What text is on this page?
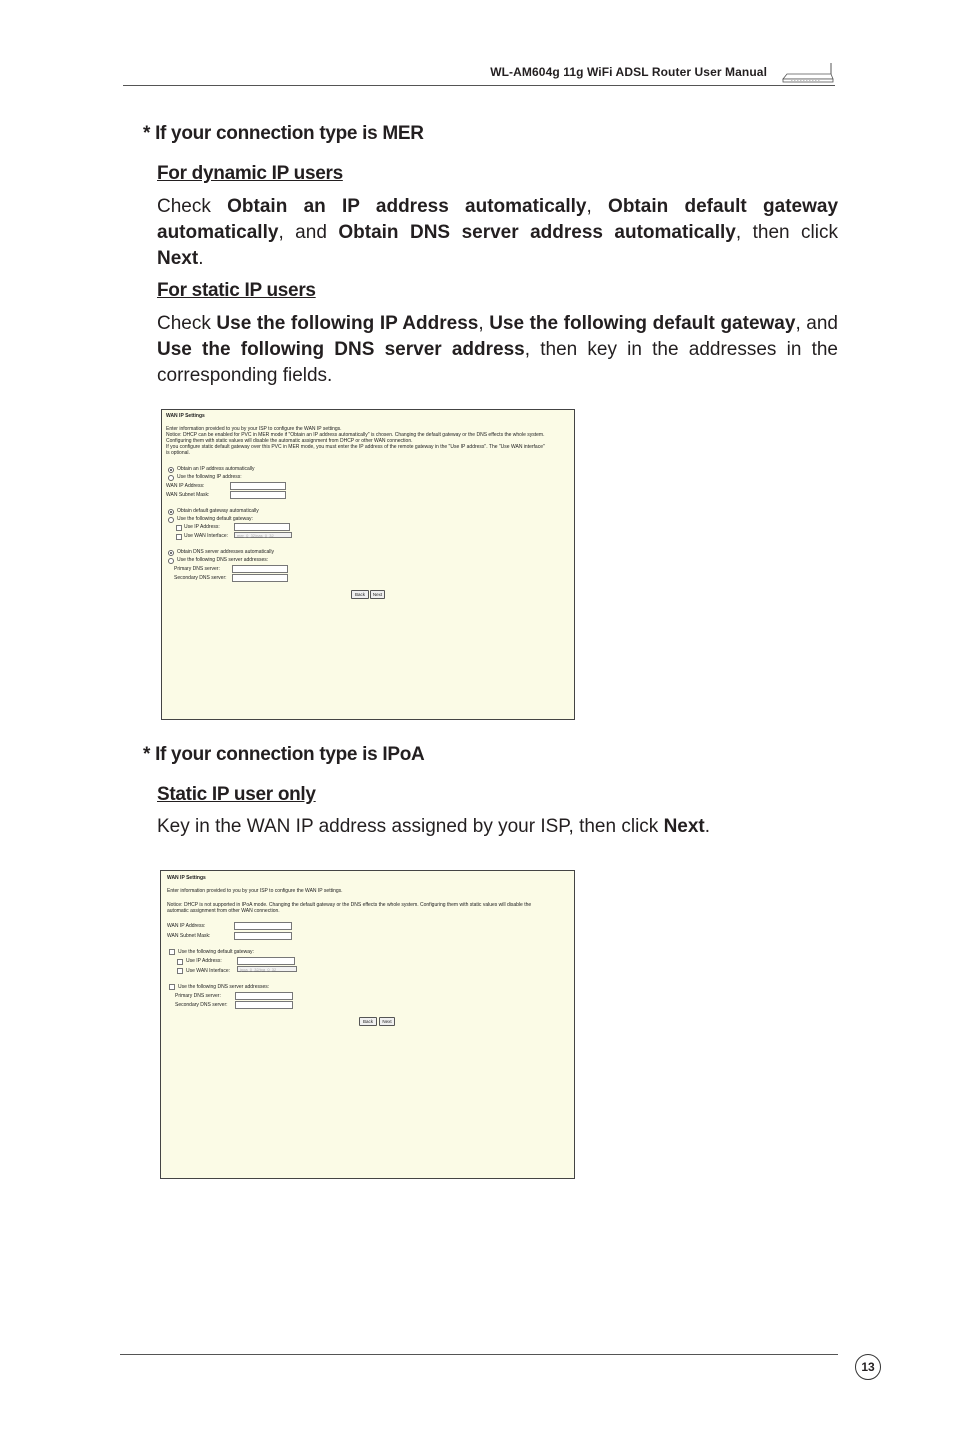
WL-AM604g 11g WiFi ADSL Router User Manual
* If your connection type is MER
For dynamic IP users
Check Obtain an IP address automatically, Obtain default gateway automatically, and Obtain DNS server address automatically, then click Next.
For static IP users
Check Use the following IP Address, Use the following default gateway, and Use the following DNS server address, then key in the addresses in the corresponding fields.
WAN IP Settings
Enter information provided to you by your ISP to configure the WAN IP settings.
Notice: DHCP can be enabled for PVC in MER mode if "Obtain an IP address automatically" is chosen. Changing the default gateway or the DNS effects the whole system.
Configuring them with static values will disable the automatic assignment from DHCP or other WAN connection.
If you configure static default gateway over this PVC in MER mode, you must enter the IP address of the remote gateway in the "Use IP address". The "Use WAN interface"
is optional.
Obtain an IP address automatically
Use the following IP address:
WAN IP Address:
WAN Subnet Mask:
Obtain default gateway automatically
Use the following default gateway:
Use IP Address:
Use WAN Interface:	mer_0_32/nas_0_32
Obtain DNS server addresses automatically
Use the following DNS server addresses:
Primary DNS server:
Secondary DNS server:
Back	Next
* If your connection type is IPoA
Static IP user only
Key in the WAN IP address assigned by your ISP, then click Next.
WAN IP Settings
Enter information provided to you by your ISP to configure the WAN IP settings.
Notice: DHCP is not supported in IPoA mode. Changing the default gateway or the DNS effects the whole system. Configuring them with static values will disable the
automatic assignment from other WAN connection.
WAN IP Address:
WAN Subnet Mask:
Use the following default gateway:
Use IP Address:
Use WAN Interface:	ipoa_0_32/ipa_0_32
Use the following DNS server addresses:
Primary DNS server:
Secondary DNS server:
Back	Next
13
